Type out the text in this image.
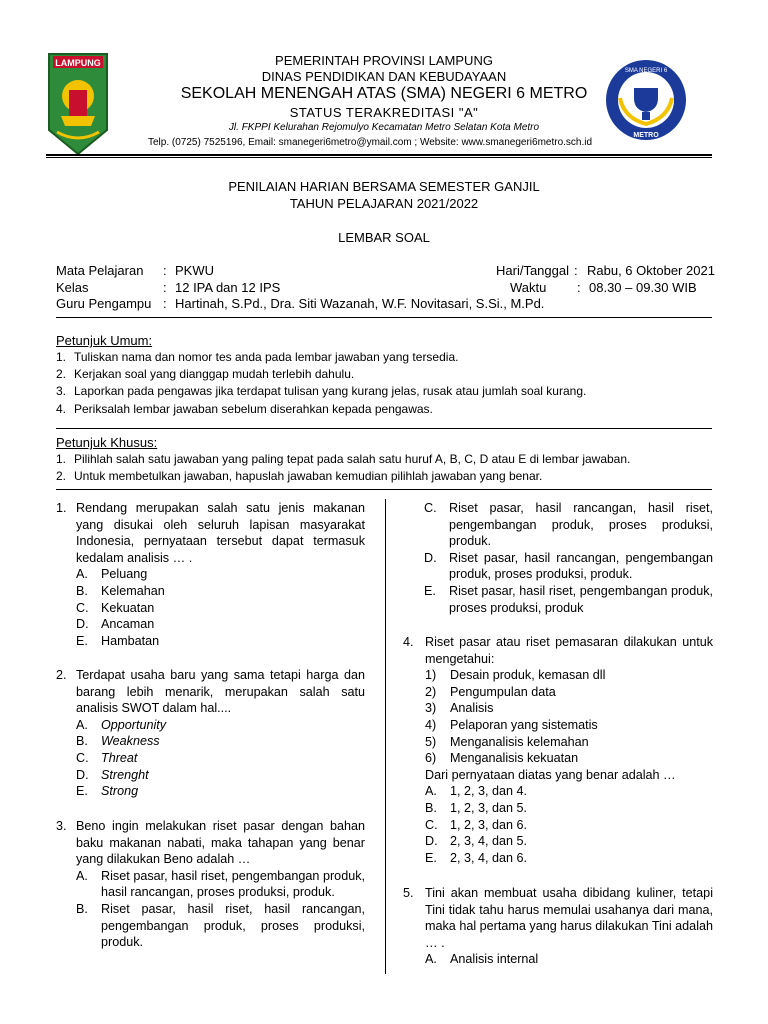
LAMPUNG
SMA NEGERI 6
METRO
PEMERINTAH PROVINSI LAMPUNG
DINAS PENDIDIKAN DAN KEBUDAYAAN
SEKOLAH MENENGAH ATAS (SMA) NEGERI 6 METRO
STATUS TERAKREDITASI "A"
Jl. FKPPI Kelurahan Rejomulyo Kecamatan Metro Selatan Kota Metro
Telp. (0725) 7525196, Email: smanegeri6metro@ymail.com ; Website: www.smanegeri6metro.sch.id
PENILAIAN HARIAN BERSAMA SEMESTER GANJIL
TAHUN PELAJARAN 2021/2022
LEMBAR SOAL
Mata Pelajaran : PKWU
Kelas	: 12 IPA dan 12 IPS
Guru Pengampu : Hartinah, S.Pd., Dra. Siti Wazanah, W.F. Novitasari, S.Si., M.Pd.
Hari/Tanggal : Rabu, 6 Oktober 2021
Waktu : 08.30 – 09.30 WIB
Petunjuk Umum:
1. Tuliskan nama dan nomor tes anda pada lembar jawaban yang tersedia.
2. Kerjakan soal yang dianggap mudah terlebih dahulu.
3. Laporkan pada pengawas jika terdapat tulisan yang kurang jelas, rusak atau jumlah soal kurang.
4. Periksalah lembar jawaban sebelum diserahkan kepada pengawas.
Petunjuk Khusus:
1. Pilihlah salah satu jawaban yang paling tepat pada salah satu huruf A, B, C, D atau E di lembar jawaban.
2. Untuk membetulkan jawaban, hapuslah jawaban kemudian pilihlah jawaban yang benar.
1. Rendang merupakan salah satu jenis makanan yang disukai oleh seluruh lapisan masyarakat Indonesia, pernyataan tersebut dapat termasuk kedalam analisis … .
A. Peluang
B. Kelemahan
C. Kekuatan
D. Ancaman
E. Hambatan
2. Terdapat usaha baru yang sama tetapi harga dan barang lebih menarik, merupakan salah satu analisis SWOT dalam hal....
A. Opportunity
B. Weakness
C. Threat
D. Strenght
E. Strong
3. Beno ingin melakukan riset pasar dengan bahan baku makanan nabati, maka tahapan yang benar yang dilakukan Beno adalah …
A. Riset pasar, hasil riset, pengembangan produk, hasil rancangan, proses produksi, produk.
B. Riset pasar, hasil riset, hasil rancangan, pengembangan produk, proses produksi, produk.
C. Riset pasar, hasil rancangan, hasil riset, pengembangan produk, proses produksi, produk.
D. Riset pasar, hasil rancangan, pengembangan produk, proses produksi, produk.
E. Riset pasar, hasil riset, pengembangan produk, proses produksi, produk
4. Riset pasar atau riset pemasaran dilakukan untuk mengetahui:
1) Desain produk, kemasan dll
2) Pengumpulan data
3) Analisis
4) Pelaporan yang sistematis
5) Menganalisis kelemahan
6) Menganalisis kekuatan
Dari pernyataan diatas yang benar adalah …
A. 1, 2, 3, dan 4.
B. 1, 2, 3, dan 5.
C. 1, 2, 3, dan 6.
D. 2, 3, 4, dan 5.
E. 2, 3, 4, dan 6.
5. Tini akan membuat usaha dibidang kuliner, tetapi Tini tidak tahu harus memulai usahanya dari mana, maka hal pertama yang harus dilakukan Tini adalah … .
A. Analisis internal
